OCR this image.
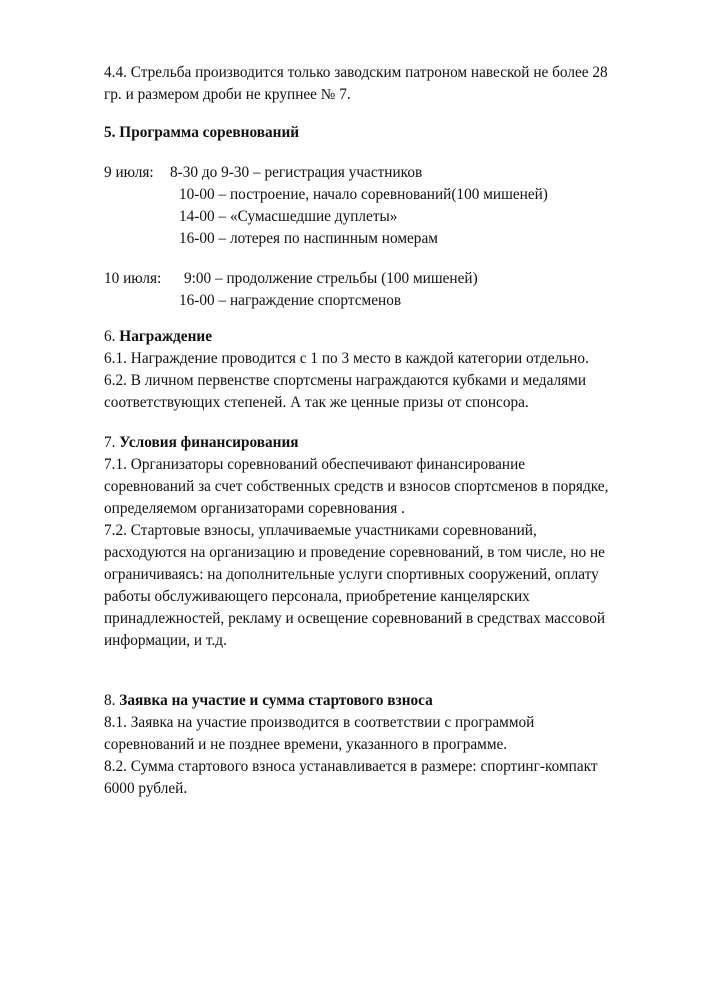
4.4. Стрельба производится только заводским патроном навеской не более 28
гр. и размером дроби не крупнее № 7.
5. Программа соревнований
9 июля: 8-30 до 9-30 – регистрация участников
10-00 – построение, начало соревнований(100 мишеней)
14-00 – «Сумасшедшие дуплеты»
16-00 – лотерея по наспинным номерам
10 июля: 9:00 – продолжение стрельбы (100 мишеней)
16-00 – награждение спортсменов
6. Награждение
6.1. Награждение проводится с 1 по 3 место в каждой категории отдельно.
6.2. В личном первенстве спортсмены награждаются кубками и медалями
соответствующих степеней. А так же ценные призы от спонсора.
7. Условия финансирования
7.1. Организаторы соревнований обеспечивают финансирование
соревнований за счет собственных средств и взносов спортсменов в порядке,
определяемом организаторами соревнования .
7.2. Стартовые взносы, уплачиваемые участниками соревнований,
расходуются на организацию и проведение соревнований, в том числе, но не
ограничиваясь: на дополнительные услуги спортивных сооружений, оплату
работы обслуживающего персонала, приобретение канцелярских
принадлежностей, рекламу и освещение соревнований в средствах массовой
информации, и т.д.
8. Заявка на участие и сумма стартового взноса
8.1. Заявка на участие производится в соответствии с программой
соревнований и не позднее времени, указанного в программе.
8.2. Сумма стартового взноса устанавливается в размере: спортинг-компакт
6000 рублей.
